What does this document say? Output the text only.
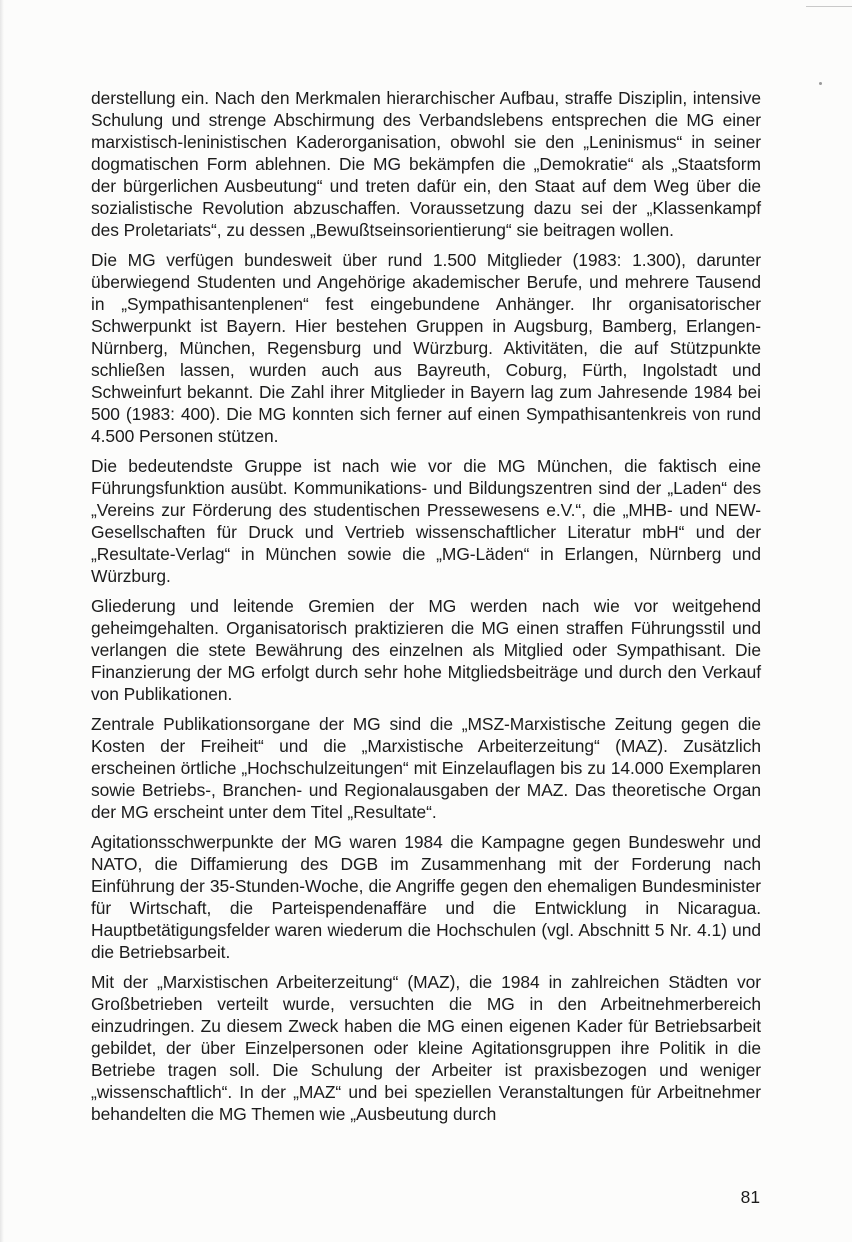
derstellung ein. Nach den Merkmalen hierarchischer Aufbau, straffe Disziplin, intensive Schulung und strenge Abschirmung des Verbandslebens entsprechen die MG einer marxistisch-leninistischen Kaderorganisation, obwohl sie den „Leninismus“ in seiner dogmatischen Form ablehnen. Die MG bekämpfen die „Demokratie“ als „Staatsform der bürgerlichen Ausbeutung“ und treten dafür ein, den Staat auf dem Weg über die sozialistische Revolution abzuschaffen. Voraussetzung dazu sei der „Klassenkampf des Proletariats“, zu dessen „Bewußtseinsorientierung“ sie beitragen wollen.

Die MG verfügen bundesweit über rund 1.500 Mitglieder (1983: 1.300), darunter überwiegend Studenten und Angehörige akademischer Berufe, und mehrere Tausend in „Sympathisantenplenen“ fest eingebundene Anhänger. Ihr organisatorischer Schwerpunkt ist Bayern. Hier bestehen Gruppen in Augsburg, Bamberg, Erlangen-Nürnberg, München, Regensburg und Würzburg. Aktivitäten, die auf Stützpunkte schließen lassen, wurden auch aus Bayreuth, Coburg, Fürth, Ingolstadt und Schweinfurt bekannt. Die Zahl ihrer Mitglieder in Bayern lag zum Jahresende 1984 bei 500 (1983: 400). Die MG konnten sich ferner auf einen Sympathisantenkreis von rund 4.500 Personen stützen.

Die bedeutendste Gruppe ist nach wie vor die MG München, die faktisch eine Führungsfunktion ausübt. Kommunikations- und Bildungszentren sind der „Laden“ des „Vereins zur Förderung des studentischen Pressewesens e.V.“, die „MHB- und NEW-Gesellschaften für Druck und Vertrieb wissenschaftlicher Literatur mbH“ und der „Resultate-Verlag“ in München sowie die „MG-Läden“ in Erlangen, Nürnberg und Würzburg.

Gliederung und leitende Gremien der MG werden nach wie vor weitgehend geheimgehalten. Organisatorisch praktizieren die MG einen straffen Führungsstil und verlangen die stete Bewährung des einzelnen als Mitglied oder Sympathisant. Die Finanzierung der MG erfolgt durch sehr hohe Mitgliedsbeiträge und durch den Verkauf von Publikationen.

Zentrale Publikationsorgane der MG sind die „MSZ-Marxistische Zeitung gegen die Kosten der Freiheit“ und die „Marxistische Arbeiterzeitung“ (MAZ). Zusätzlich erscheinen örtliche „Hochschulzeitungen“ mit Einzelauflagen bis zu 14.000 Exemplaren sowie Betriebs-, Branchen- und Regionalausgaben der MAZ. Das theoretische Organ der MG erscheint unter dem Titel „Resultate“.

Agitationsschwerpunkte der MG waren 1984 die Kampagne gegen Bundeswehr und NATO, die Diffamierung des DGB im Zusammenhang mit der Forderung nach Einführung der 35-Stunden-Woche, die Angriffe gegen den ehemaligen Bundesminister für Wirtschaft, die Parteispendenaffäre und die Entwicklung in Nicaragua. Hauptbetätigungsfelder waren wiederum die Hochschulen (vgl. Abschnitt 5 Nr. 4.1) und die Betriebsarbeit.

Mit der „Marxistischen Arbeiterzeitung“ (MAZ), die 1984 in zahlreichen Städten vor Großbetrieben verteilt wurde, versuchten die MG in den Arbeitnehmerbereich einzudringen. Zu diesem Zweck haben die MG einen eigenen Kader für Betriebsarbeit gebildet, der über Einzelpersonen oder kleine Agitationsgruppen ihre Politik in die Betriebe tragen soll. Die Schulung der Arbeiter ist praxisbezogen und weniger „wissenschaftlich“. In der „MAZ“ und bei speziellen Veranstaltungen für Arbeitnehmer behandelten die MG Themen wie „Ausbeutung durch

81
